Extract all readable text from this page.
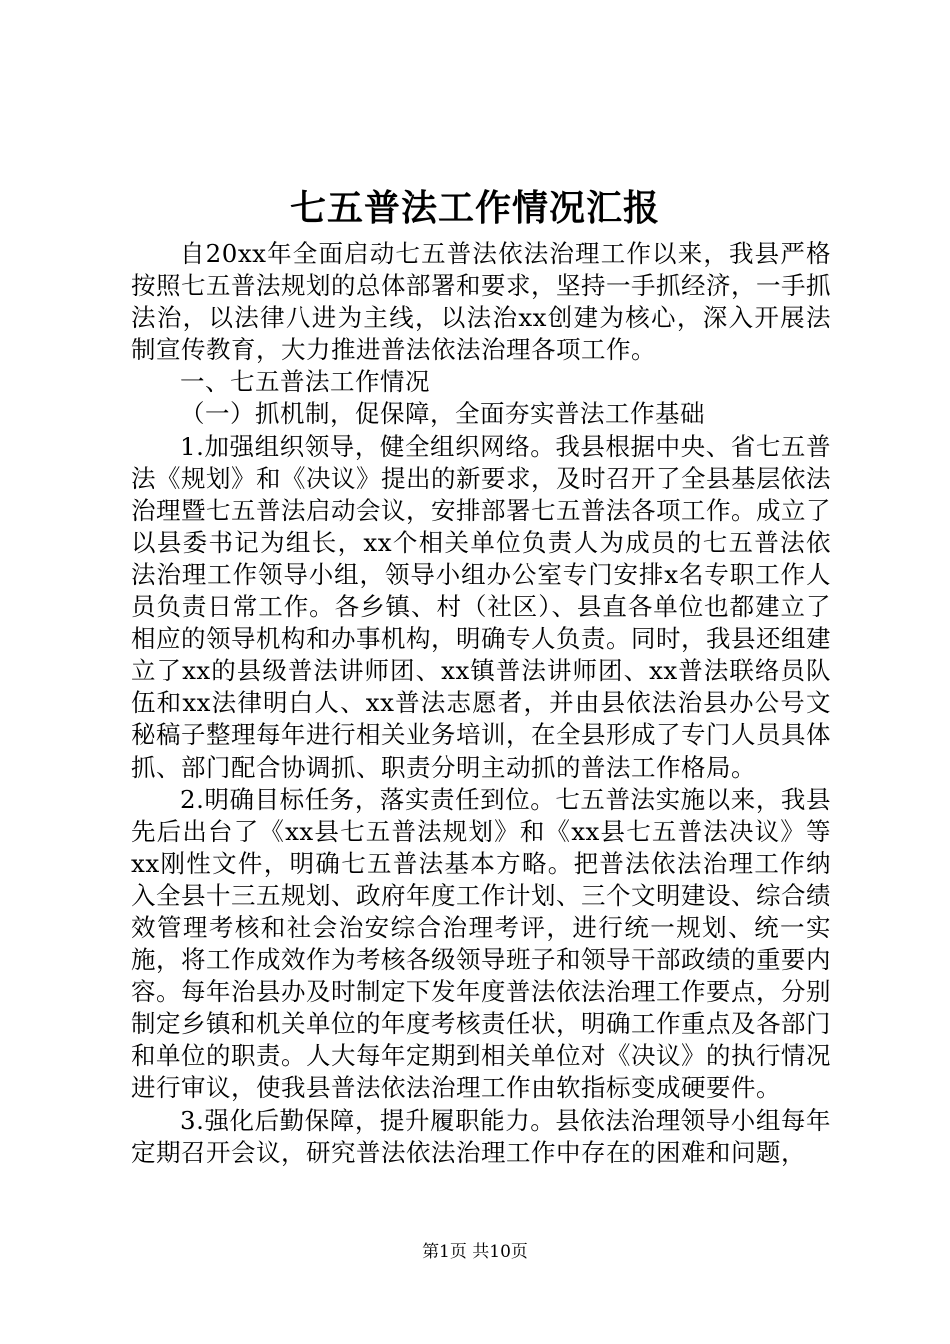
七五普法工作情况汇报

自20xx年全面启动七五普法依法治理工作以来，我县严格按照七五普法规划的总体部署和要求，坚持一手抓经济，一手抓法治，以法律八进为主线，以法治xx创建为核心，深入开展法制宣传教育，大力推进普法依法治理各项工作。

一、七五普法工作情况

（一）抓机制，促保障，全面夯实普法工作基础

1.加强组织领导，健全组织网络。我县根据中央、省七五普法《规划》和《决议》提出的新要求，及时召开了全县基层依法治理暨七五普法启动会议，安排部署七五普法各项工作。成立了以县委书记为组长，xx个相关单位负责人为成员的七五普法依法治理工作领导小组，领导小组办公室专门安排x名专职工作人员负责日常工作。各乡镇、村（社区）、县直各单位也都建立了相应的领导机构和办事机构，明确专人负责。同时，我县还组建立了xx的县级普法讲师团、xx镇普法讲师团、xx普法联络员队伍和xx法律明白人、xx普法志愿者，并由县依法治县办公号文秘稿子整理每年进行相关业务培训，在全县形成了专门人员具体抓、部门配合协调抓、职责分明主动抓的普法工作格局。

2.明确目标任务，落实责任到位。七五普法实施以来，我县先后出台了《xx县七五普法规划》和《xx县七五普法决议》等xx刚性文件，明确七五普法基本方略。把普法依法治理工作纳入全县十三五规划、政府年度工作计划、三个文明建设、综合绩效管理考核和社会治安综合治理考评，进行统一规划、统一实施，将工作成效作为考核各级领导班子和领导干部政绩的重要内容。每年治县办及时制定下发年度普法依法治理工作要点，分别制定乡镇和机关单位的年度考核责任状，明确工作重点及各部门和单位的职责。人大每年定期到相关单位对《决议》的执行情况进行审议，使我县普法依法治理工作由软指标变成硬要件。

3.强化后勤保障，提升履职能力。县依法治理领导小组每年定期召开会议，研究普法依法治理工作中存在的困难和问题，

第1页 共10页
